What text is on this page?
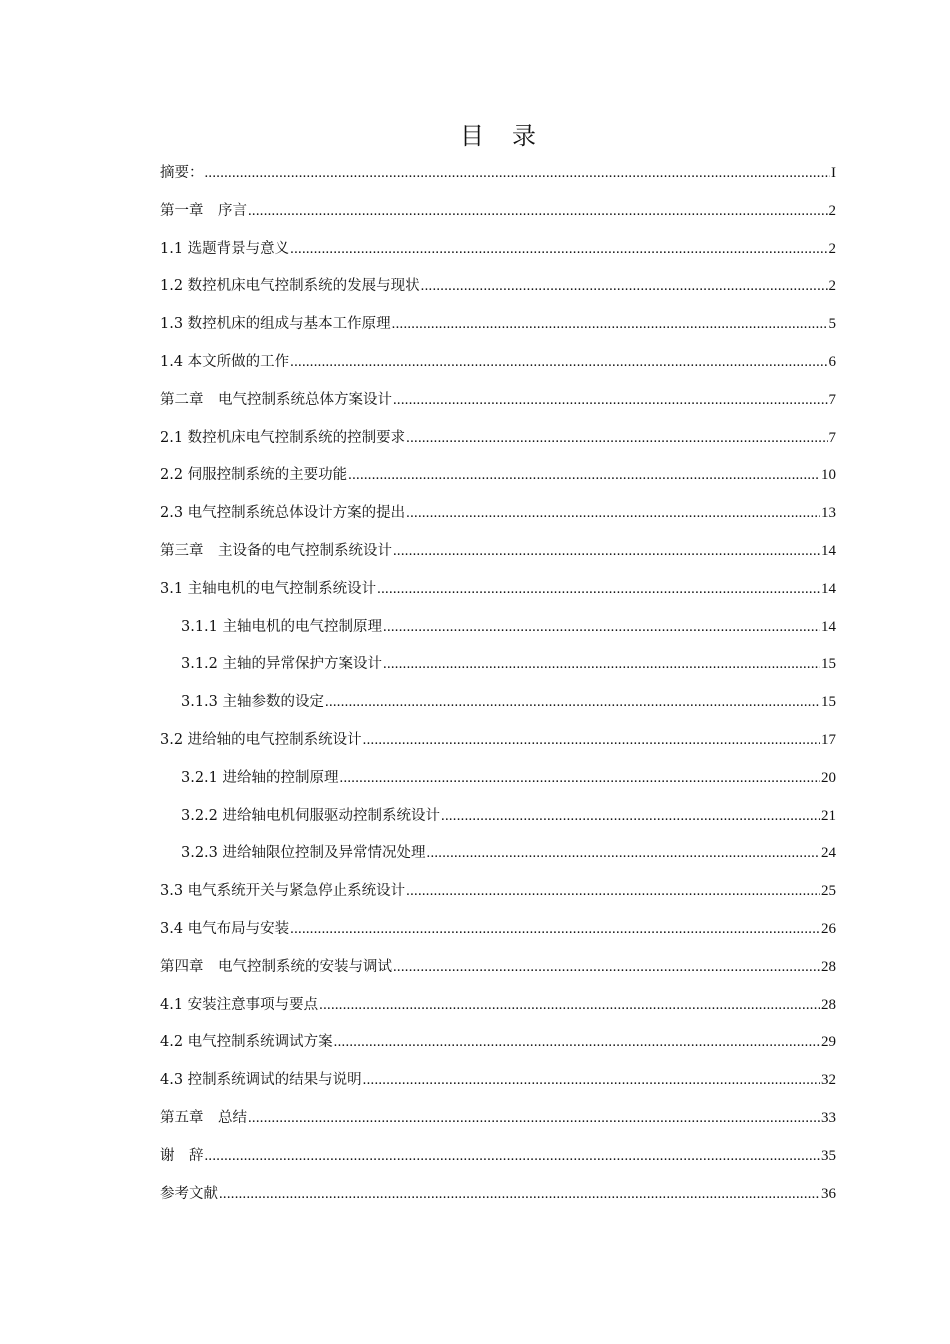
目　录
摘要： .....	I
第一章　序言 .....	2
1.1 选题背景与意义 .....	2
1.2 数控机床电气控制系统的发展与现状 .....	2
1.3 数控机床的组成与基本工作原理 .....	5
1.4 本文所做的工作 .....	6
第二章　电气控制系统总体方案设计 .....	7
2.1 数控机床电气控制系统的控制要求 .....	7
2.2 伺服控制系统的主要功能 .....	10
2.3 电气控制系统总体设计方案的提出 .....	13
第三章　主设备的电气控制系统设计 .....	14
3.1 主轴电机的电气控制系统设计 .....	14
3.1.1 主轴电机的电气控制原理 .....	14
3.1.2 主轴的异常保护方案设计 .....	15
3.1.3 主轴参数的设定 .....	15
3.2 进给轴的电气控制系统设计 .....	17
3.2.1 进给轴的控制原理 .....	20
3.2.2 进给轴电机伺服驱动控制系统设计 .....	21
3.2.3 进给轴限位控制及异常情况处理 .....	24
3.3 电气系统开关与紧急停止系统设计 .....	25
3.4 电气布局与安装 .....	26
第四章　电气控制系统的安装与调试 .....	28
4.1 安装注意事项与要点 .....	28
4.2 电气控制系统调试方案 .....	29
4.3 控制系统调试的结果与说明 .....	32
第五章　总结 .....	33
谢　辞 .....	35
参考文献 .....	36
